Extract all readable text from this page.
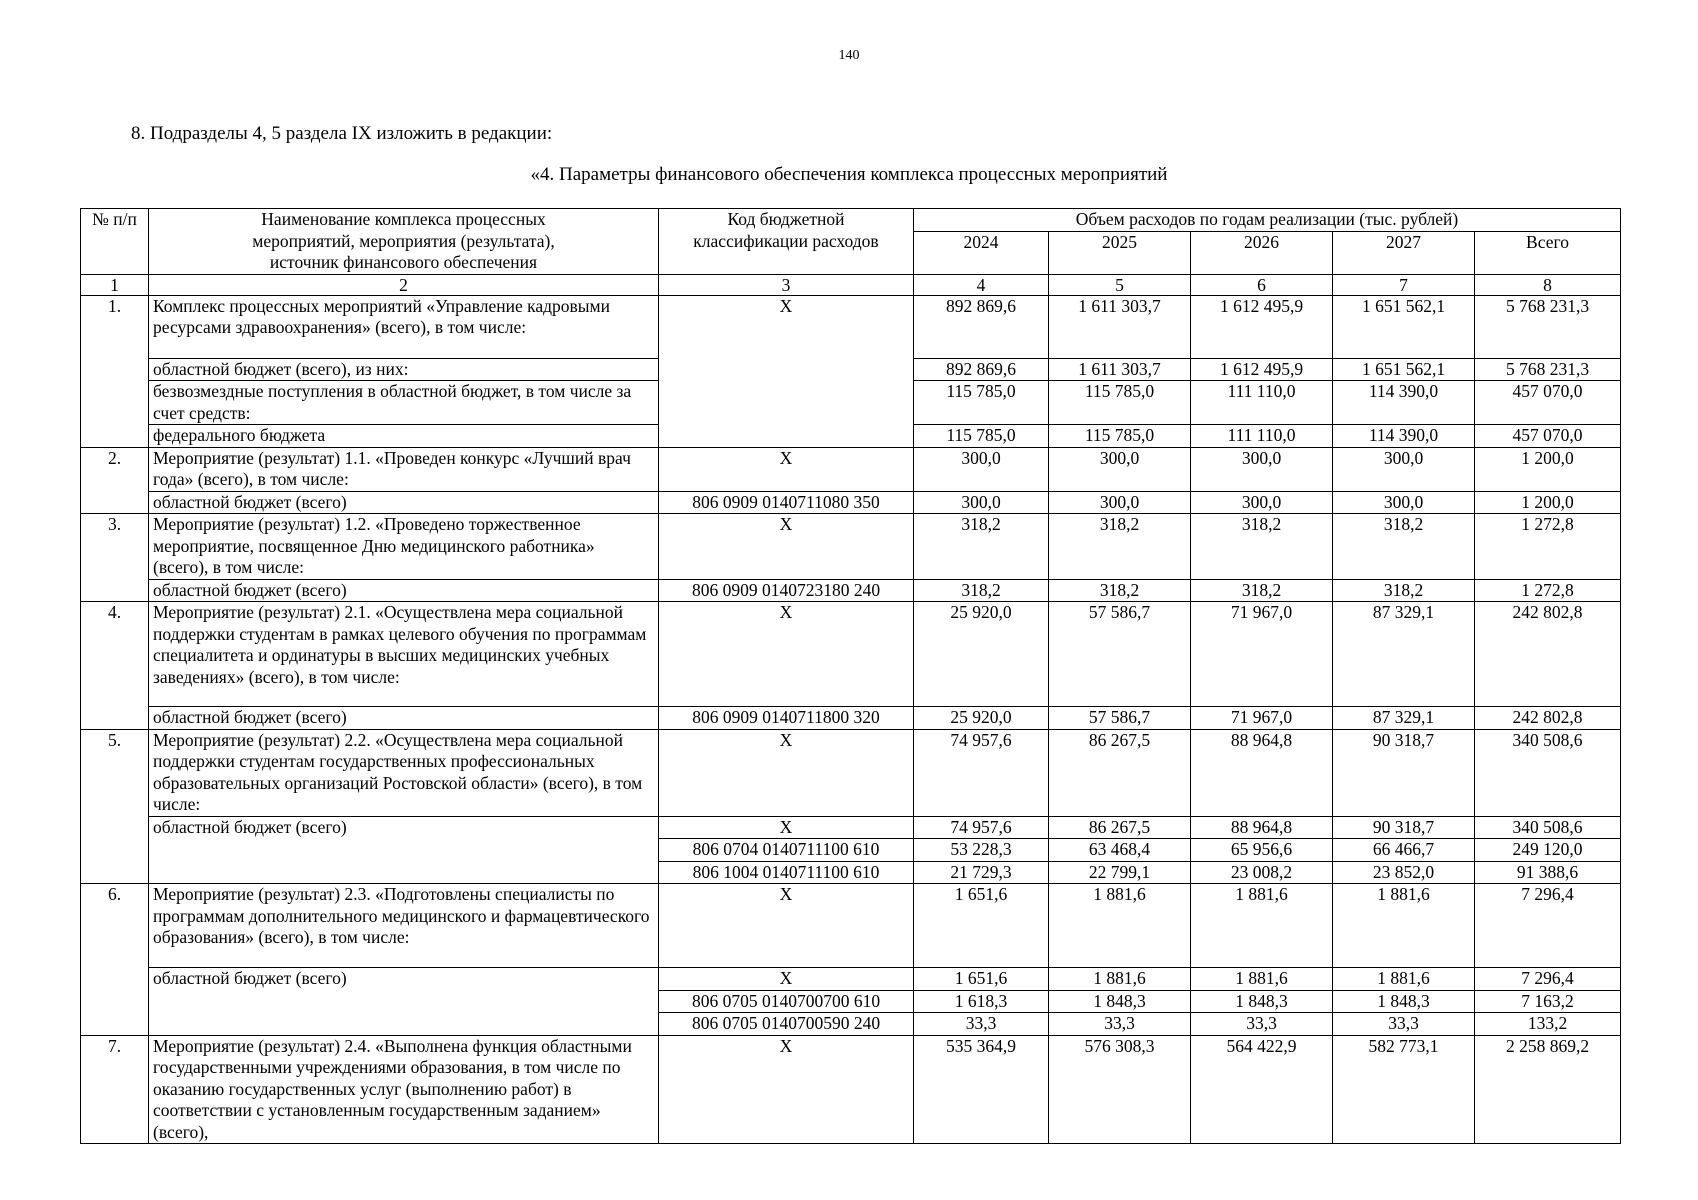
140
8. Подразделы 4, 5 раздела IX изложить в редакции:
«4. Параметры финансового обеспечения комплекса процессных мероприятий
№ п/п	Наименование комплекса процессных мероприятий, мероприятия (результата), источник финансового обеспечения	Код бюджетной классификации расходов	Объем расходов по годам реализации (тыс. рублей)				
			2024	2025	2026	2027	Всего
1	2	3	4	5	6	7	8
1.	Комплекс процессных мероприятий «Управление кадровыми ресурсами здравоохранения» (всего), в том числе:	X	892 869,6	1 611 303,7	1 612 495,9	1 651 562,1	5 768 231,3
	областной бюджет (всего), из них:		892 869,6	1 611 303,7	1 612 495,9	1 651 562,1	5 768 231,3
	безвозмездные поступления в областной бюджет, в том числе за счет средств:		115 785,0	115 785,0	111 110,0	114 390,0	457 070,0
	федерального бюджета		115 785,0	115 785,0	111 110,0	114 390,0	457 070,0
2.	Мероприятие (результат) 1.1. «Проведен конкурс «Лучший врач года» (всего), в том числе:	X	300,0	300,0	300,0	300,0	1 200,0
	областной бюджет (всего)	806 0909 0140711080 350	300,0	300,0	300,0	300,0	1 200,0
3.	Мероприятие (результат) 1.2. «Проведено торжественное мероприятие, посвященное Дню медицинского работника» (всего), в том числе:	X	318,2	318,2	318,2	318,2	1 272,8
	областной бюджет (всего)	806 0909 0140723180 240	318,2	318,2	318,2	318,2	1 272,8
4.	Мероприятие (результат) 2.1. «Осуществлена мера социальной поддержки студентам в рамках целевого обучения по программам специалитета и ординатуры в высших медицинских учебных заведениях» (всего), в том числе:	X	25 920,0	57 586,7	71 967,0	87 329,1	242 802,8
	областной бюджет (всего)	806 0909 0140711800 320	25 920,0	57 586,7	71 967,0	87 329,1	242 802,8
5.	Мероприятие (результат) 2.2. «Осуществлена мера социальной поддержки студентам государственных профессиональных образовательных организаций Ростовской области» (всего), в том числе:	X	74 957,6	86 267,5	88 964,8	90 318,7	340 508,6
	областной бюджет (всего)	X	74 957,6	86 267,5	88 964,8	90 318,7	340 508,6
		806 0704 0140711100 610	53 228,3	63 468,4	65 956,6	66 466,7	249 120,0
		806 1004 0140711100 610	21 729,3	22 799,1	23 008,2	23 852,0	91 388,6
6.	Мероприятие (результат) 2.3. «Подготовлены специалисты по программам дополнительного медицинского и фармацевтического образования» (всего), в том числе:	X	1 651,6	1 881,6	1 881,6	1 881,6	7 296,4
	областной бюджет (всего)	X	1 651,6	1 881,6	1 881,6	1 881,6	7 296,4
		806 0705 0140700700 610	1 618,3	1 848,3	1 848,3	1 848,3	7 163,2
		806 0705 0140700590 240	33,3	33,3	33,3	33,3	133,2
7.	Мероприятие (результат) 2.4. «Выполнена функция областными государственными учреждениями образования, в том числе по оказанию государственных услуг (выполнению работ) в соответствии с установленным государственным заданием» (всего),	X	535 364,9	576 308,3	564 422,9	582 773,1	2 258 869,2
